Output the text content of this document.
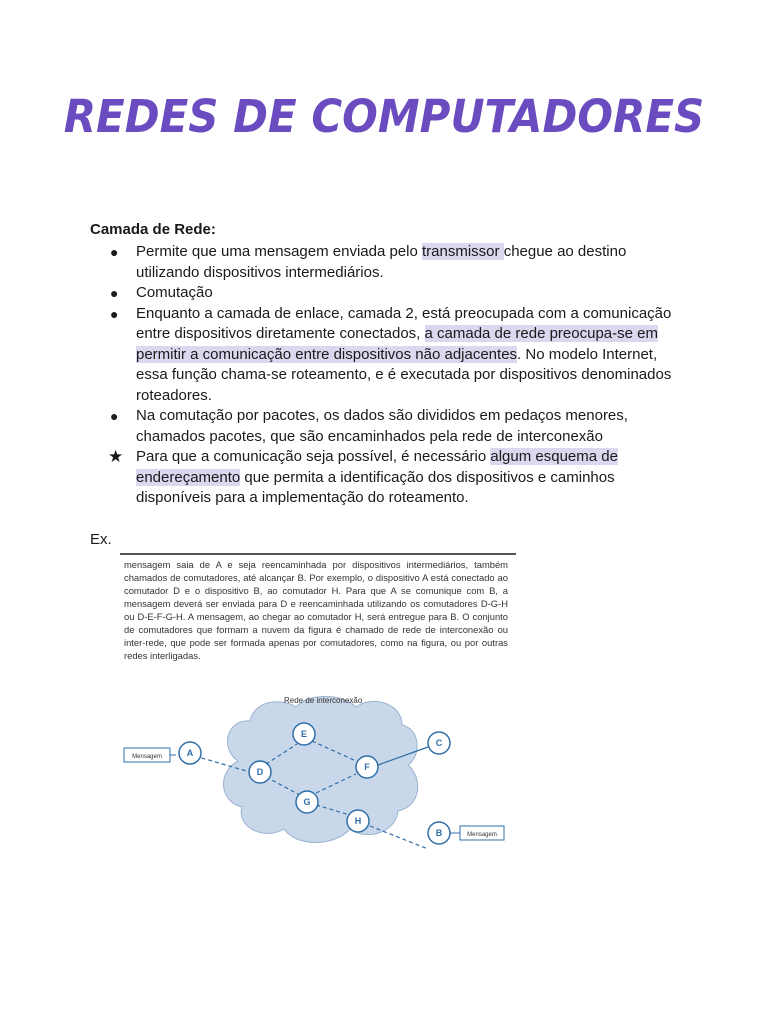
REDES DE COMPUTADORES
Camada de Rede:
● Permite que uma mensagem enviada pelo transmissor chegue ao destino utilizando dispositivos intermediários.
● Comutação
● Enquanto a camada de enlace, camada 2, está preocupada com a comunicação entre dispositivos diretamente conectados, a camada de rede preocupa-se em permitir a comunicação entre dispositivos não adjacentes. No modelo Internet, essa função chama-se roteamento, e é executada por dispositivos denominados roteadores.
● Na comutação por pacotes, os dados são divididos em pedaços menores, chamados pacotes, que são encaminhados pela rede de interconexão
★ Para que a comunicação seja possível, é necessário algum esquema de endereçamento que permita a identificação dos dispositivos e caminhos disponíveis para a implementação do roteamento.
Ex.
mensagem saia de A e seja reencaminhada por dispositivos intermediários, também chamados de comutadores, até alcançar B. Por exemplo, o dispositivo A está conectado ao comutador D e o dispositivo B, ao comutador H. Para que A se comunique com B, a mensagem deverá ser enviada para D e reencaminhada utilizando os comutadores D-G-H ou D-E-F-G-H. A mensagem, ao chegar ao comutador H, será entregue para B. O conjunto de comutadores que formam a nuvem da figura é chamado de rede de interconexão ou inter-rede, que pode ser formada apenas por comutadores, como na figura, ou por outras redes interligadas.
Rede de interconexão
Mensagem
Mensagem
A
D
E
F
G
H
C
B
